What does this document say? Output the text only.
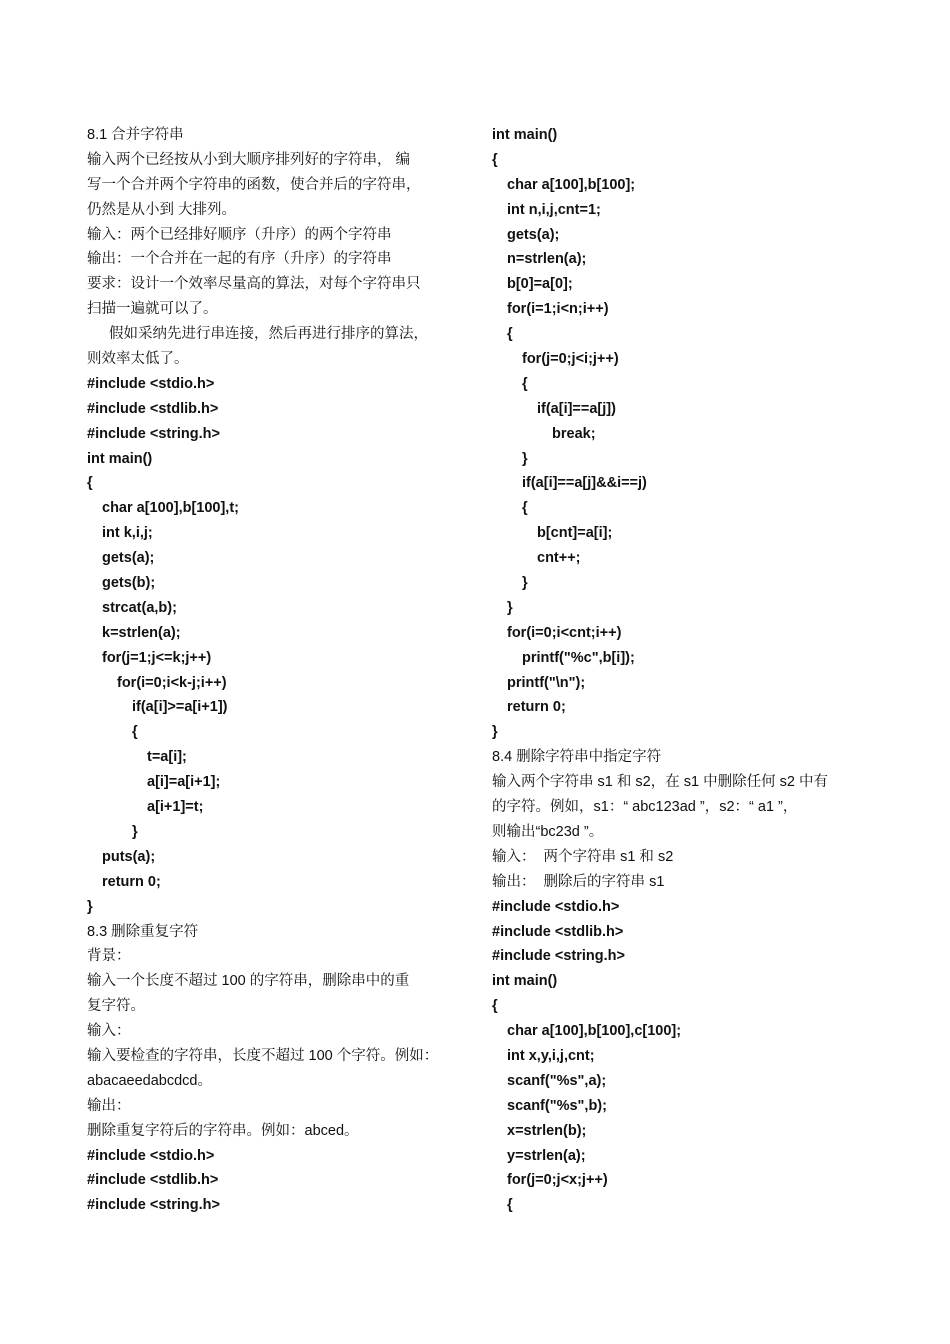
8.1 合并字符串
输入两个已经按从小到大顺序排列好的字符串， 编
写一个合并两个字符串的函数，使合并后的字符串，
仍然是从小到 大排列。
输入：两个已经排好顺序（升序）的两个字符串
输出：一个合并在一起的有序（升序）的字符串
要求：设计一个效率尽量高的算法，对每个字符串只
扫描一遍就可以了。
假如采纳先进行串连接，然后再进行排序的算法，
则效率太低了。
#include <stdio.h>
#include <stdlib.h>
#include <string.h>
int main()
{
char a[100],b[100],t;
int k,i,j;
gets(a);
gets(b);
strcat(a,b);
k=strlen(a);
for(j=1;j<=k;j++)
for(i=0;i<k-j;i++)
if(a[i]>=a[i+1])
{
t=a[i];
a[i]=a[i+1];
a[i+1]=t;
}
puts(a);
return 0;
}
8.3 删除重复字符
背景：
输入一个长度不超过 100 的字符串，删除串中的重
复字符。
输入：
输入要检查的字符串，长度不超过 100 个字符。例如：
abacaeedabcdcd。
输出：
删除重复字符后的字符串。例如：abced。
#include <stdio.h>
#include <stdlib.h>
#include <string.h>
int main()
{
char a[100],b[100];
int n,i,j,cnt=1;
gets(a);
n=strlen(a);
b[0]=a[0];
for(i=1;i<n;i++)
{
for(j=0;j<i;j++)
{
if(a[i]==a[j])
break;
}
if(a[i]==a[j]&&i==j)
{
b[cnt]=a[i];
cnt++;
}
}
for(i=0;i<cnt;i++)
printf("%c",b[i]);
printf("\n");
return 0;
}
8.4 删除字符串中指定字符
输入两个字符串 s1 和 s2，在 s1 中删除任何 s2 中有
的字符。例如，s1：“ abc123ad ”，s2：“ a1 ”，
则输出“bc23d ”。
输入：  两个字符串 s1 和 s2
输出：  删除后的字符串 s1
#include <stdio.h>
#include <stdlib.h>
#include <string.h>
int main()
{
char a[100],b[100],c[100];
int x,y,i,j,cnt;
scanf("%s",a);
scanf("%s",b);
x=strlen(b);
y=strlen(a);
for(j=0;j<x;j++)
{
